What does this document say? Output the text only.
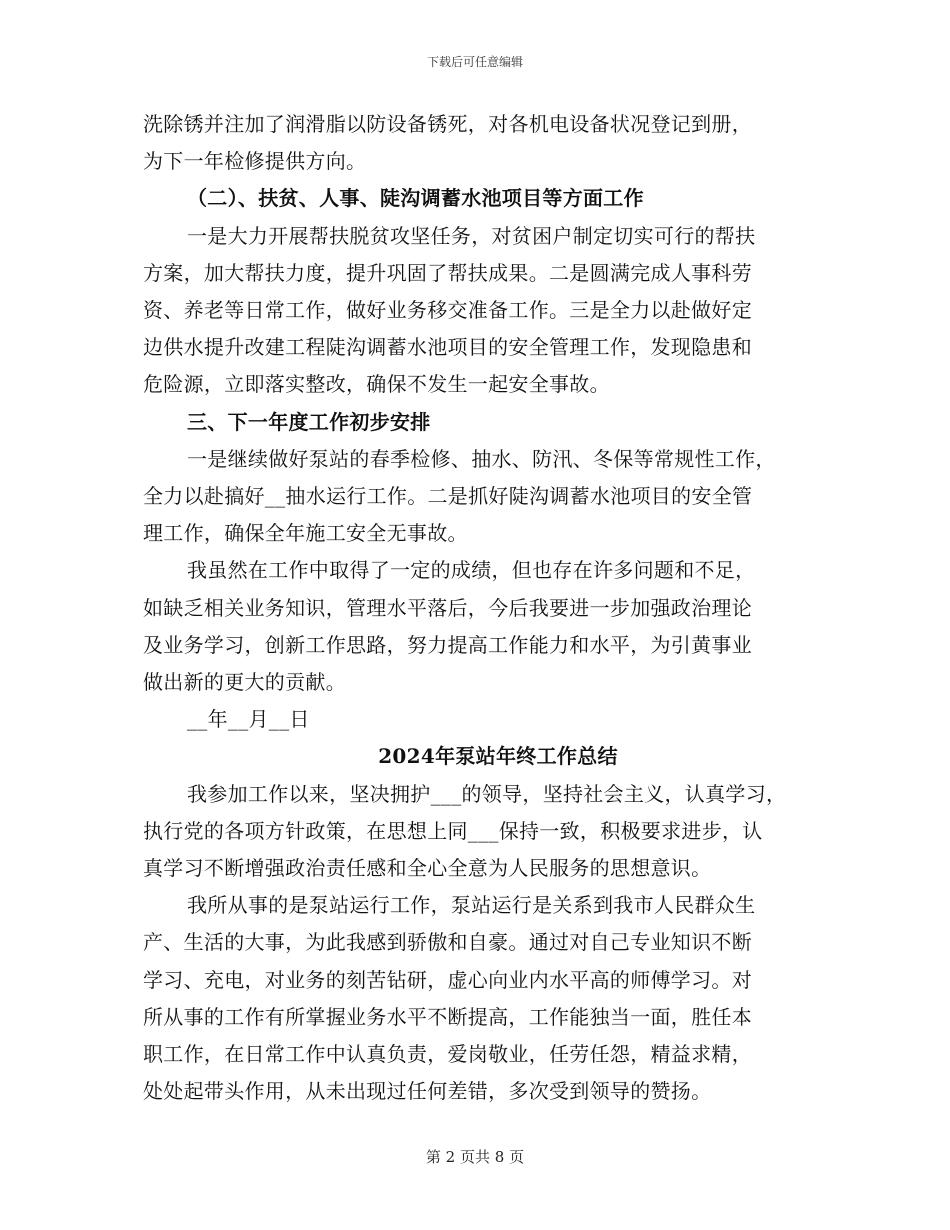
下载后可任意编辑
洗除锈并注加了润滑脂以防设备锈死，对各机电设备状况登记到册，
为下一年检修提供方向。
（二）、扶贫、人事、陡沟调蓄水池项目等方面工作
一是大力开展帮扶脱贫攻坚任务，对贫困户制定切实可行的帮扶
方案，加大帮扶力度，提升巩固了帮扶成果。二是圆满完成人事科劳
资、养老等日常工作，做好业务移交准备工作。三是全力以赴做好定
边供水提升改建工程陡沟调蓄水池项目的安全管理工作，发现隐患和
危险源，立即落实整改，确保不发生一起安全事故。
三、下一年度工作初步安排
一是继续做好泵站的春季检修、抽水、防汛、冬保等常规性工作，
全力以赴搞好__抽水运行工作。二是抓好陡沟调蓄水池项目的安全管
理工作，确保全年施工安全无事故。
我虽然在工作中取得了一定的成绩，但也存在许多问题和不足，
如缺乏相关业务知识，管理水平落后，今后我要进一步加强政治理论
及业务学习，创新工作思路，努力提高工作能力和水平，为引黄事业
做出新的更大的贡献。
__年__月__日
2024年泵站年终工作总结
我参加工作以来，坚决拥护___的领导，坚持社会主义，认真学习，
执行党的各项方针政策，在思想上同___保持一致，积极要求进步，认
真学习不断增强政治责任感和全心全意为人民服务的思想意识。
我所从事的是泵站运行工作，泵站运行是关系到我市人民群众生
产、生活的大事，为此我感到骄傲和自豪。通过对自己专业知识不断
学习、充电，对业务的刻苦钻研，虚心向业内水平高的师傅学习。对
所从事的工作有所掌握业务水平不断提高，工作能独当一面，胜任本
职工作，在日常工作中认真负责，爱岗敬业，任劳任怨，精益求精，
处处起带头作用，从未出现过任何差错，多次受到领导的赞扬。
第 2 页共 8 页
